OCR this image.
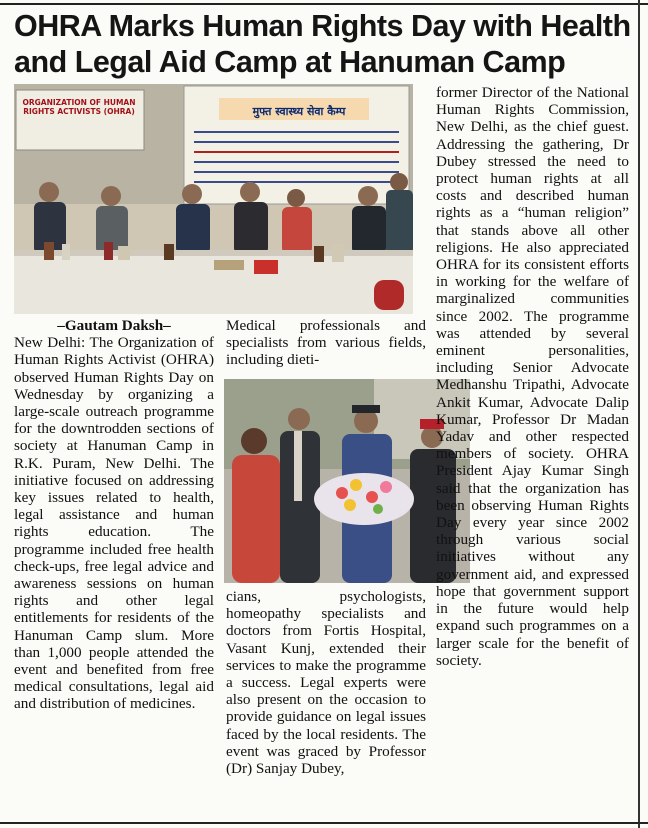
OHRA Marks Human Rights Day with Health and Legal Aid Camp at Hanuman Camp
ORGANIZATION OF HUMAN RIGHTS ACTIVISTS (OHRA)	मुफ्त स्वास्थ्य सेवा कैम्प

–Gautam Daksh–

New Delhi: The Organization of Human Rights Activist (OHRA) observed Human Rights Day on Wednesday by organizing a large-scale outreach programme for the downtrodden sections of society at Hanuman Camp in R.K. Puram, New Delhi. The initiative focused on addressing key issues related to health, legal assistance and human rights education. The programme included free health check-ups, free legal advice and awareness sessions on human rights and other legal entitlements for residents of the Hanuman Camp slum. More than 1,000 people attended the event and benefited from free medical consultations, legal aid and distribution of medicines.

Medical professionals and specialists from various fields, including dieti-

cians, psychologists, homeopathy specialists and doctors from Fortis Hospital, Vasant Kunj, extended their services to make the programme a success. Legal experts were also present on the occasion to provide guidance on legal issues faced by the local residents. The event was graced by Professor (Dr) Sanjay Dubey,

former Director of the National Human Rights Commission, New Delhi, as the chief guest. Addressing the gathering, Dr Dubey stressed the need to protect human rights at all costs and described human rights as a “human religion” that stands above all other religions. He also appreciated OHRA for its consistent efforts in working for the welfare of marginalized communities since 2002. The programme was attended by several eminent personalities, including Senior Advocate Medhanshu Tripathi, Advocate Ankit Kumar, Advocate Dalip Kumar, Professor Dr Madan Yadav and other respected members of society. OHRA President Ajay Kumar Singh said that the organization has been observing Human Rights Day every year since 2002 through various social initiatives without any government aid, and expressed hope that government support in the future would help expand such programmes on a larger scale for the benefit of society.
